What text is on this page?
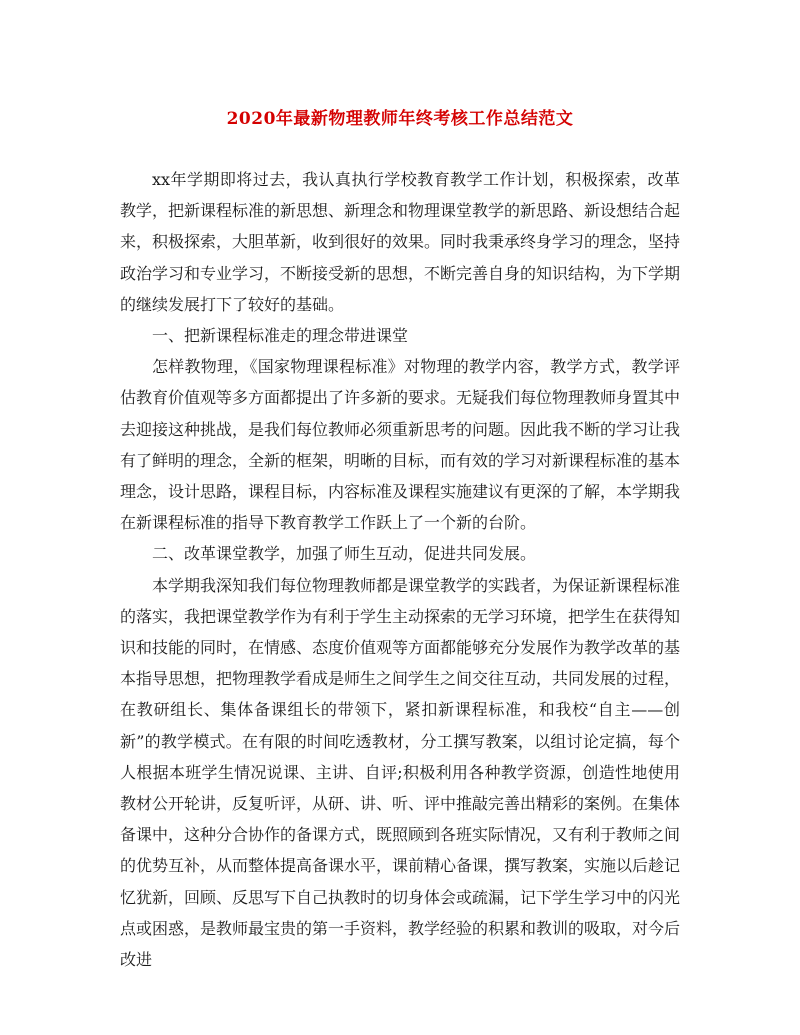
2020年最新物理教师年终考核工作总结范文

xx年学期即将过去，我认真执行学校教育教学工作计划，积极探索，改革教学，把新课程标准的新思想、新理念和物理课堂教学的新思路、新设想结合起来，积极探索，大胆革新，收到很好的效果。同时我秉承终身学习的理念，坚持政治学习和专业学习，不断接受新的思想，不断完善自身的知识结构，为下学期的继续发展打下了较好的基础。

一、把新课程标准走的理念带进课堂

怎样教物理，《国家物理课程标准》对物理的教学内容，教学方式，教学评估教育价值观等多方面都提出了许多新的要求。无疑我们每位物理教师身置其中去迎接这种挑战，是我们每位教师必须重新思考的问题。因此我不断的学习让我有了鲜明的理念，全新的框架，明晰的目标，而有效的学习对新课程标准的基本理念，设计思路，课程目标，内容标准及课程实施建议有更深的了解，本学期我在新课程标准的指导下教育教学工作跃上了一个新的台阶。

二、改革课堂教学，加强了师生互动，促进共同发展。

本学期我深知我们每位物理教师都是课堂教学的实践者，为保证新课程标准的落实，我把课堂教学作为有利于学生主动探索的无学习环境，把学生在获得知识和技能的同时，在情感、态度价值观等方面都能够充分发展作为教学改革的基本指导思想，把物理教学看成是师生之间学生之间交往互动，共同发展的过程，在教研组长、集体备课组长的带领下，紧扣新课程标准，和我校“自主——创新”的教学模式。在有限的时间吃透教材，分工撰写教案，以组讨论定搞，每个人根据本班学生情况说课、主讲、自评;积极利用各种教学资源，创造性地使用教材公开轮讲，反复听评，从研、讲、听、评中推敲完善出精彩的案例。在集体备课中，这种分合协作的备课方式，既照顾到各班实际情况，又有利于教师之间的优势互补，从而整体提高备课水平，课前精心备课，撰写教案，实施以后趁记忆犹新，回顾、反思写下自己执教时的切身体会或疏漏，记下学生学习中的闪光点或困惑，是教师最宝贵的第一手资料，教学经验的积累和教训的吸取，对今后改进
